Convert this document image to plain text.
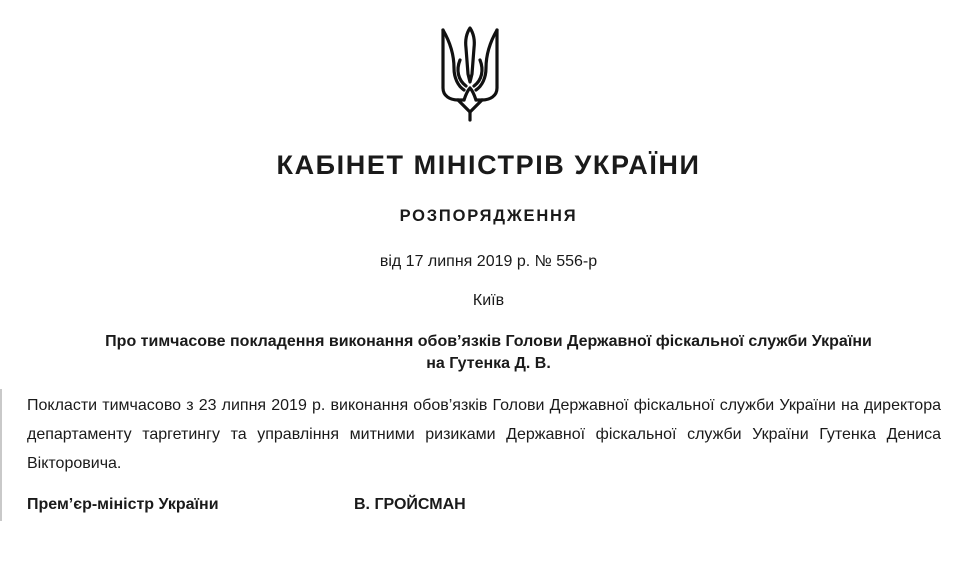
КАБІНЕТ МІНІСТРІВ УКРАЇНИ
РОЗПОРЯДЖЕННЯ
від 17 липня 2019 р. № 556-р
Київ
Про тимчасове покладення виконання обов’язків Голови Державної фіскальної служби України
на Гутенка Д. В.
Покласти тимчасово з 23 липня 2019 р. виконання обов’язків Голови Державної фіскальної служби України на директора департаменту таргетингу та управління митними ризиками Державної фіскальної служби України Гутенка Дениса Вікторовича.
Прем’єр-міністр України	В. ГРОЙСМАН
